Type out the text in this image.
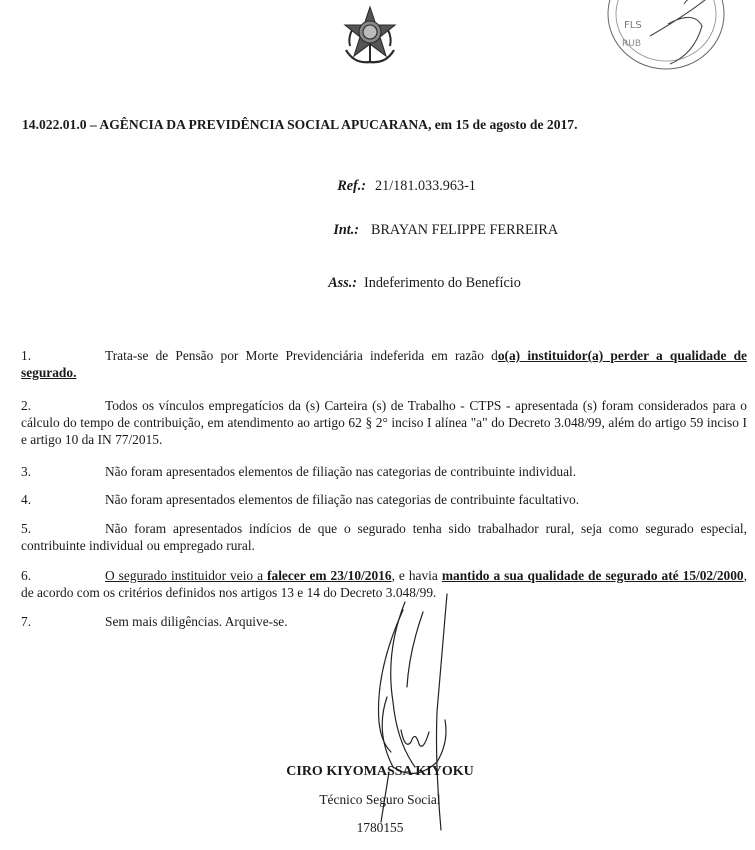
FLS
RUB
14.022.01.0 – AGÊNCIA DA PREVIDÊNCIA SOCIAL APUCARANA, em 15 de agosto de 2017.
Ref.: 21/181.033.963-1
Int.: BRAYAN FELIPPE FERREIRA
Ass.: Indeferimento do Benefício
1.	Trata-se de Pensão por Morte Previdenciária indeferida em razão do(a) instituidor(a) perder a qualidade de segurado.
2.	Todos os vínculos empregatícios da (s) Carteira (s) de Trabalho - CTPS - apresentada (s) foram considerados para o cálculo do tempo de contribuição, em atendimento ao artigo 62 § 2° inciso I alínea "a" do Decreto 3.048/99, além do artigo 59 inciso I e artigo 10 da IN 77/2015.
3.	Não foram apresentados elementos de filiação nas categorias de contribuinte individual.
4.	Não foram apresentados elementos de filiação nas categorias de contribuinte facultativo.
5.	Não foram apresentados indícios de que o segurado tenha sido trabalhador rural, seja como segurado especial, contribuinte individual ou empregado rural.
6.	O segurado instituidor veio a falecer em 23/10/2016, e havia mantido a sua qualidade de segurado até 15/02/2000, de acordo com os critérios definidos nos artigos 13 e 14 do Decreto 3.048/99.
7.	Sem mais diligências. Arquive-se.
CIRO KIYOMASSA KIYOKU
Técnico Seguro Social
1780155
